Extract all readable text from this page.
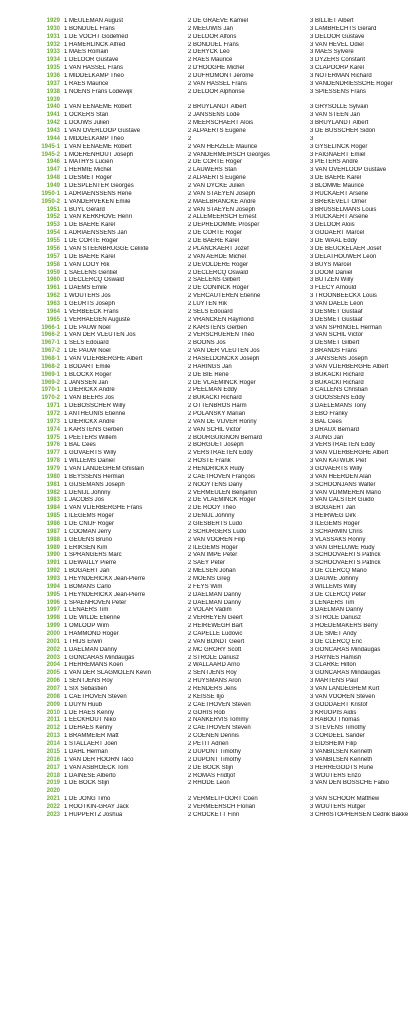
1929 1 MEULEMAN August	2 DE GRAEVE Kamiel	3 BILLIET Albert
1930 1 BONDUEL Frans	2 MEEUWIS Jan	3 LAMBRECHTS Gérard
1931 1 DE VOCHT Godefried	2 DELOOR Alfons	3 DELOOR Gustave
1932 1 HAMERLINCK Alfred	2 BONDUEL Frans	3 VAN HEVEL Odiel
1933 1 MAES Romain	2 DERYCK Léo	3 MAES Sylvère
1934 1 DELOOR Gustave	2 RAES Maurice	3 DYZERS Constant
1935 1 VAN HASSEL Frans	2 D'HOOGHE Michel	3 CLAPOORP Karel
1936 1 MIDDELKAMP Théo	2 DUFROMONT Jérôme	3 NOTERMAN Richard
1937 1 RAES Maurice	2 VAN HASSEL Frans	3 VANDENDRIESSCHE Roger
1938 1 NOENS Frans Lodewijk	2 DELOOR Alphonse	3 SPIESSENS Frans
1939
1940 1 VAN EENAEME Robert	2 BRUYLANDT Albert	3 GRYSOLLE Sylvain
1941 1 OCKERS Stan	2 JANSSENS Lode	3 VAN STEEN Jan
1942 1 DOUWS Julien	2 MEERSCHAERT Alois	3 BRUYLANDT Albert
1943 1 VAN OVERLOOP Gustave	2 ALPAERTS Eugène	3 DE BUSSCHER Sidon
1944 1 MIDDELKAMP Théo	2	3
1945-1 1 VAN EENAEME Robert	2 VAN HERZELE Maurice	3 GYSELINCK Roger
1945-2 1 MOERENHOUT Joseph	2 VANDERMEIRSCH Georges	3 FAIGNAERT Emiel
1946 1 MATHYS Lucien	2 DE CORTE Roger	3 PIETERS André
1947 1 HERMIE Michel	2 LAUWERS Stan	3 VAN OVERLOOP Gustave
1948 1 DESMET Roger	2 ALPAERTS Eugène	3 DE BAERE Karel
1949 1 DESPLENTER Georges	2 VAN DYCKE Julien	3 BLOMME Maurice
1950-1 1 ADRIAENSSENS René	2 VAN STAEYEN Joseph	3 RUCKAERT Arsène
1950-2 1 VANDERVEKEN Emile	2 MAELBRANCKE André	3 BREKEVELT Omer
1951 1 BUYL Gérard	2 VAN STAEYEN Joseph	3 BRUSSELMANS Louis
1952 1 VAN KERKHOVE Henri	2 ALLEMEERSCH Ernest	3 RUCKAERT Arsène
1953 1 DE BAERE Karel	2 DEPREDOMME Prosper	3 DELOOR Alois
1954 1 ADRIAENSSENS Jan	2 DE CORTE Roger	3 GODAERT Marcel
1955 1 DE CORTE Roger	2 DE BAERE Karel	3 DE WAAL Eddy
1956 1 VAN STEENBRUGGE Celixte	2 PLANCKAERT Jozef	3 DE BEUCKELAER Josef
1957 1 DE BAERE Karel	2 VAN AERDE Michel	3 DELATHOUWER Léon
1958 1 VAN LOOY Rik	2 DEVOLDERE Roger	3 BUYS Marcel
1959 1 SAELENS Gentiel	2 DECLERCQ Oswald	3 DOOM Daniel
1960 1 DECLERCQ Oswald	2 SAELENS Gilbert	3 BUTZEN Willy
1961 1 DAEMS Emile	2 DE CONINCK Roger	3 FLECY Arnould
1962 1 WOUTERS Jos	2 VERCAUTEREN Etienne	3 TROONBEECKX Louis
1963 1 GEURTS Joseph	2 LUYTEN Rik	3 VAN DAELE Léon
1964 1 VERBEECK Frans	2 SELS Edouard	3 DESMET Gustaaf
1965 1 VERHAEGEN Auguste	2 VRANCKEN Raymond	3 DESMET Gustaaf
1966-1 1 DE PAUW Noël	2 KARSTENS Gerben	3 VAN SPRINGEL Herman
1966-2 1 VAN DER VLEUTEN Jos	2 VERSCHUEREN Théo	3 VAN SCHIL Victor
1967-1 1 SELS Edouard	2 BOONS Jos	3 DESMET Gilbert
1967-2 1 DE PAUW Noël	2 VAN DER VLEUTEN Jos	3 BRANDS Frans
1968-1 1 VAN VLIERBERGHE Albert	2 HASELDONCKX Joseph	3 JANSSENS Joseph
1968-2 1 BODART Emile	2 HARINGS Jan	3 VAN VLIERBERGHE Albert
1969-1 1 BLOCKX Roger	2 DE BIE René	3 BUKACKI Richard
1969-2 1 JANSSEN Jan	2 DE VLAEMINCK Roger	3 BUKACKI Richard
1970-1 1 DIERICKX André	2 PEELMAN Eddy	3 CALLENS Christian
1970-2 1 VAN BEERS Jos	2 BUKACKI Richard	3 GOOSSENS Eddy
1971 1 DEBOSSCHER Willy	2 OTTENBROS Harm	3 DAELEMANS Tony
1972 1 ANTHEUNIS Etienne	2 POLANSKY Marian	3 EBO Franky
1973 1 DIERICKX André	2 VAN DE VIJVER Ronny	3 BAL Cees
1974 1 KARSTENS Gerben	2 VAN SCHIL Victor	3 DRAUX Bernard
1975 1 PEETERS Willem	2 BOURGUIGNON Bernard	3 AUNG Jan
1976 1 BAL Cees	2 BORGUET Joseph	3 VERSTRAETEN Eddy
1977 1 GOVAERTS Willy	2 VERSTRAETEN Eddy	3 VAN VLIERBERGHE Albert
1978 1 WILLEMS Daniel	2 HOSTE Frank	3 VAN KATWIJK Piet
1979 1 VAN LANDEGHEM Ghislain	2 HENDRICKX Rudy	3 GOVAERTS Willy
1980 1 BEYSSENS Herman	2 CAETHOVEN François	3 VAN HEERDEN Alan
1981 1 GIJSEMANS Joseph	2 NOOYTENS Dany	3 SCHOONJANS Walter
1982 1 DENIJL Johnny	2 VERMEULEN Benjamin	3 VAN VLIMMEREN Mario
1983 1 JACOBS Jos	2 DE VLAEMINCK Roger	3 VAN CALSTER Guido
1984 1 VAN VLIERBERGHE Frans	2 DE ROOY Théo	3 BOGAERT Jan
1985 1 ILEGEMS Roger	2 DENIJL Johnny	3 HEIRWEG Dirk
1986 1 DE CNIJF Roger	2 GIESBERTS Ludo	3 ILEGEMS Roger
1987 1 COOMAN Jerry	2 SCHURGERS Ludo	3 SCHARMIN Chris
1988 1 GEUENS Bruno	2 VAN VOOREN Filip	3 VLASSAKS Ronny
1989 1 ERIKSEN Kim	2 ILEGEMS Roger	3 VAN GHELUWE Rudy
1990 1 SPRANGERS Marc	2 VAN IMPE Peter	3 SCHOOVAERTS Patrick
1991 1 DEWAILLY Pierre	2 SAEY Peter	3 SCHOOVAERTS Patrick
1992 1 BOGAERT Jan	2 MELSEN Johan	3 DE CLERCQ Mario
1993 1 HEYNDERICKX Jean-Pierre	2 MOENS Greg	3 DAUWE Johnny
1994 1 BOMANS Carlo	2 FEYS Wim	3 WILLEMS Willy
1995 1 HEYNDERICKX Jean-Pierre	2 DAELMAN Danny	3 DE CLERCQ Peter
1996 1 SPAENHOVEN Peter	2 DAELMAN Danny	3 LENAERS Tim
1997 1 LENAERS Tim	2 VOLAR Vadim	3 DAELMAN Danny
1998 1 DE WILDE Etienne	2 VERHEYEN Geert	3 STROLE Dariusz
1999 1 OMLOOP Wim	2 HEIREWEGH Bart	3 HOEDEMAKERS Berry
2000 1 HAMMOND Roger	2 CAPELLE Ludovic	3 DE SMET Andy
2001 1 THIJS Erwin	2 VAN BONDT Geert	3 DE CLERCQ Eric
2002 1 DAELMAN Danny	2 MC GRORY Scott	3 GONCARAS Mindaugas
2003 1 GONCARAS Mindaugas	2 STROLE Dariusz	3 HAYNES Hamish
2004 1 HERREMANS Koen	2 WALLAARD Arno	3 CLARKE Hilton
2005 1 VAN DER SLAGMOLEN Kevin	2 SENTJENS Roy	3 GONCARAS Mindaugas
2006 1 SENTJENS Roy	2 HUYSMANS Aron	3 MARTENS Paul
2007 1 SIX Sébastien	2 RENDERS Jens	3 VAN LANDEGHEM Kurt
2008 1 CAETHOVEN Steven	2 KEISSE Iljo	3 VAN VOOREN Steven
2009 1 DUYN Huub	2 CAETHOVEN Steven	3 GODDAERT Kristof
2010 1 DE HAES Kenny	2 GORIS Rob	3 KRUOPIS Aidis
2011 1 EECKHOUT Niko	2 NANKERVIS Tommy	3 RABOU Thomas
2012 1 DEHAES Kenny	2 CAETHOVEN Steven	3 STEVENS Timothy
2013 1 BRAMMEIER Matt	2 COENEN Dennis	3 CORDEEL Sander
2014 1 STALLAERT Joeri	2 PETIT Adrien	3 EIDSHEIM Filip
2015 1 DAHL Herman	2 DUPONT Timothy	3 VANBILSEN Kenneth
2016 1 VAN DER HOORN Taco	2 DUPONT Timothy	3 VANBILSEN Kenneth
2017 1 VAN ASBROECK Tom	2 DE BOCK Stijn	3 HERREGODTS Rune
2018 1 DAINESE Alberto	2 ROMAS Fridtjof	3 WOUTERS Enzo
2019 1 DE BOCK Stijn	2 RHODE Leon	3 VAN DEN BOSSCHE Fabio
2020
2021 1 DE JONG Timo	2 VERMELTFOORT Coen	3 VAN SCHOOR Matthew
2022 1 ROOTKIN-GRAY Jack	2 VERMEERSCH Florian	3 WOUTERS Rutger
2023 1 HUPPERTZ Joshua	2 CROCKETT Finn	3 CHRISTOPHERSEN Cedrik Bakke
